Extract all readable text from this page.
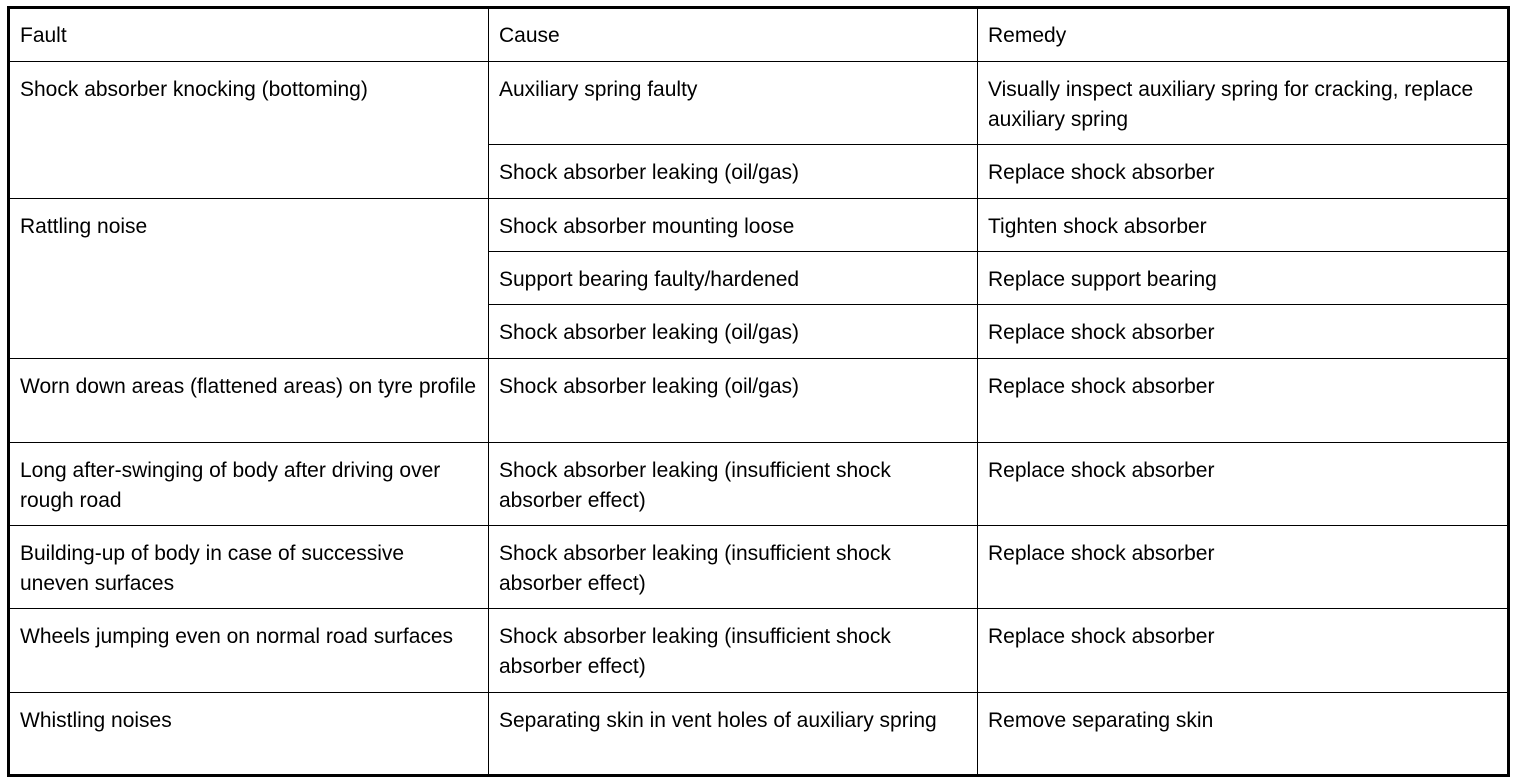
Fault	Cause	Remedy
Shock absorber knocking (bottoming)	Auxiliary spring faulty	Visually inspect auxiliary spring for cracking, replace auxiliary spring
	Shock absorber leaking (oil/gas)	Replace shock absorber
Rattling noise	Shock absorber mounting loose	Tighten shock absorber
	Support bearing faulty/hardened	Replace support bearing
	Shock absorber leaking (oil/gas)	Replace shock absorber
Worn down areas (flattened areas) on tyre profile	Shock absorber leaking (oil/gas)	Replace shock absorber
Long after-swinging of body after driving over rough road	Shock absorber leaking (insufficient shock absorber effect)	Replace shock absorber
Building-up of body in case of successive uneven surfaces	Shock absorber leaking (insufficient shock absorber effect)	Replace shock absorber
Wheels jumping even on normal road surfaces	Shock absorber leaking (insufficient shock absorber effect)	Replace shock absorber
Whistling noises	Separating skin in vent holes of auxiliary spring	Remove separating skin
